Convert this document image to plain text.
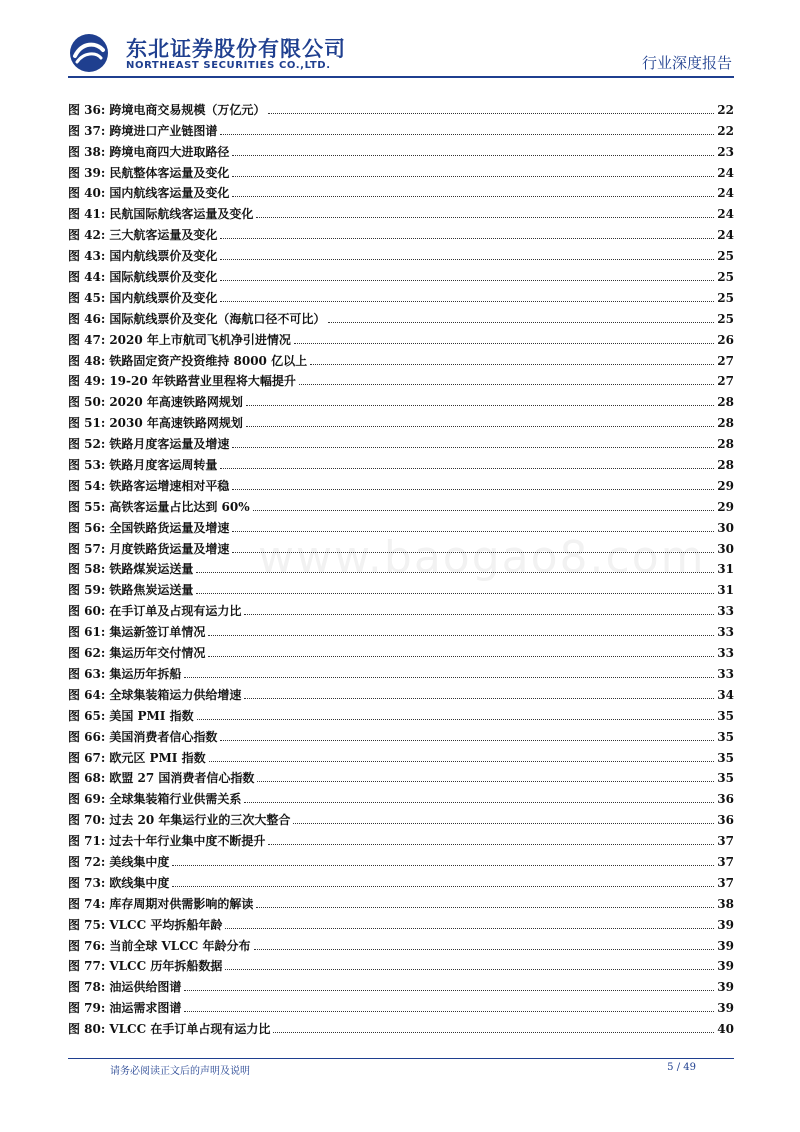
东北证券股份有限公司
NORTHEAST SECURITIES CO.,LTD.	行业深度报告
www.baogao8.com
图 36: 跨境电商交易规模（万亿元）	22
图 37: 跨境进口产业链图谱	22
图 38: 跨境电商四大进取路径	23
图 39: 民航整体客运量及变化	24
图 40: 国内航线客运量及变化	24
图 41: 民航国际航线客运量及变化	24
图 42: 三大航客运量及变化	24
图 43: 国内航线票价及变化	25
图 44: 国际航线票价及变化	25
图 45: 国内航线票价及变化	25
图 46: 国际航线票价及变化（海航口径不可比）	25
图 47: 2020 年上市航司飞机净引进情况	26
图 48: 铁路固定资产投资维持 8000 亿以上	27
图 49: 19-20 年铁路营业里程将大幅提升	27
图 50: 2020 年高速铁路网规划	28
图 51: 2030 年高速铁路网规划	28
图 52: 铁路月度客运量及增速	28
图 53: 铁路月度客运周转量	28
图 54: 铁路客运增速相对平稳	29
图 55: 高铁客运量占比达到 60%	29
图 56: 全国铁路货运量及增速	30
图 57: 月度铁路货运量及增速	30
图 58: 铁路煤炭运送量	31
图 59: 铁路焦炭运送量	31
图 60: 在手订单及占现有运力比	33
图 61: 集运新签订单情况	33
图 62: 集运历年交付情况	33
图 63: 集运历年拆船	33
图 64: 全球集装箱运力供给增速	34
图 65: 美国 PMI 指数	35
图 66: 美国消费者信心指数	35
图 67: 欧元区 PMI 指数	35
图 68: 欧盟 27 国消费者信心指数	35
图 69: 全球集装箱行业供需关系	36
图 70: 过去 20 年集运行业的三次大整合	36
图 71: 过去十年行业集中度不断提升	37
图 72: 美线集中度	37
图 73: 欧线集中度	37
图 74: 库存周期对供需影响的解读	38
图 75: VLCC 平均拆船年龄	39
图 76: 当前全球 VLCC 年龄分布	39
图 77: VLCC 历年拆船数据	39
图 78: 油运供给图谱	39
图 79: 油运需求图谱	39
图 80: VLCC 在手订单占现有运力比	40
请务必阅读正文后的声明及说明	5 / 49
